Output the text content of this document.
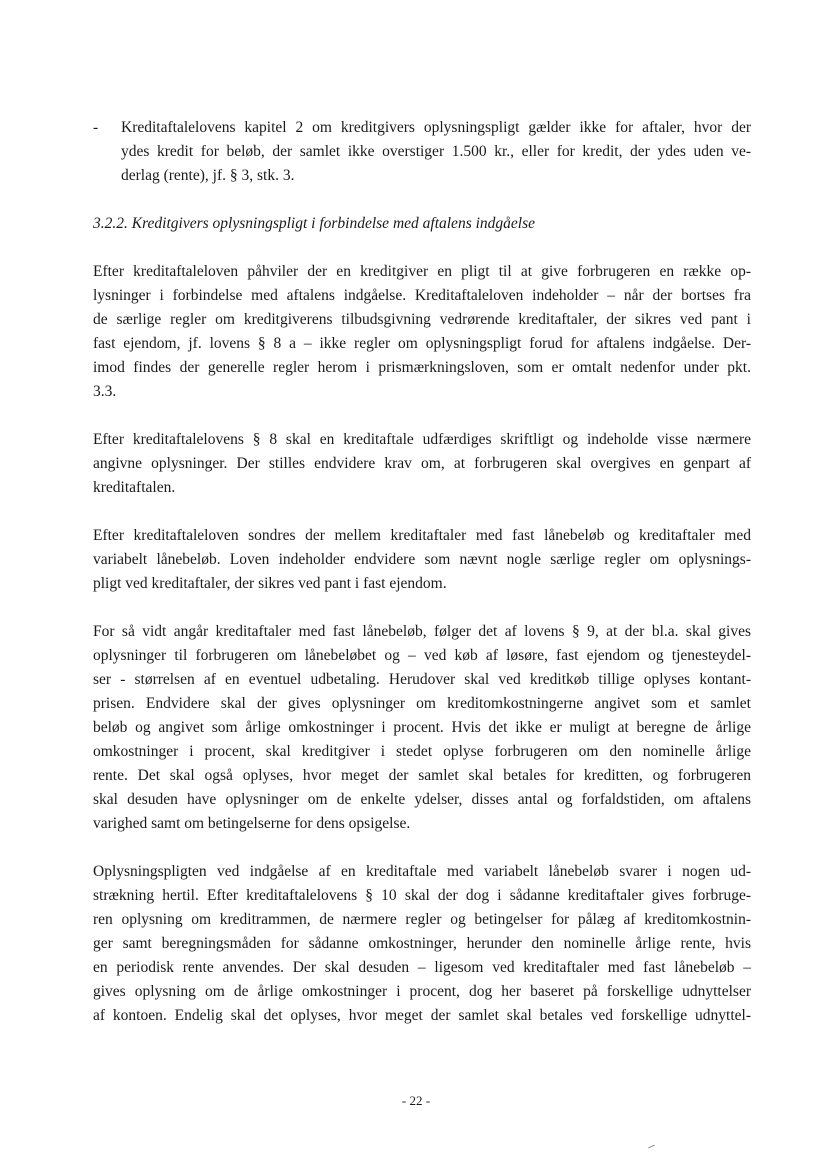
- Kreditaftalelovens kapitel 2 om kreditgivers oplysningspligt gælder ikke for aftaler, hvor der
ydes kredit for beløb, der samlet ikke overstiger 1.500 kr., eller for kredit, der ydes uden ve-
derlag (rente), jf. § 3, stk. 3.
3.2.2. Kreditgivers oplysningspligt i forbindelse med aftalens indgåelse
Efter kreditaftaleloven påhviler der en kreditgiver en pligt til at give forbrugeren en række op-
lysninger i forbindelse med aftalens indgåelse. Kreditaftaleloven indeholder – når der bortses fra
de særlige regler om kreditgiverens tilbudsgivning vedrørende kreditaftaler, der sikres ved pant i
fast ejendom, jf. lovens § 8 a – ikke regler om oplysningspligt forud for aftalens indgåelse. Der-
imod findes der generelle regler herom i prismærkningsloven, som er omtalt nedenfor under pkt.
3.3.
Efter kreditaftalelovens § 8 skal en kreditaftale udfærdiges skriftligt og indeholde visse nærmere
angivne oplysninger. Der stilles endvidere krav om, at forbrugeren skal overgives en genpart af
kreditaftalen.
Efter kreditaftaleloven sondres der mellem kreditaftaler med fast lånebeløb og kreditaftaler med
variabelt lånebeløb. Loven indeholder endvidere som nævnt nogle særlige regler om oplysnings-
pligt ved kreditaftaler, der sikres ved pant i fast ejendom.
For så vidt angår kreditaftaler med fast lånebeløb, følger det af lovens § 9, at der bl.a. skal gives
oplysninger til forbrugeren om lånebeløbet og – ved køb af løsøre, fast ejendom og tjenesteydel-
ser - størrelsen af en eventuel udbetaling. Herudover skal ved kreditkøb tillige oplyses kontant-
prisen. Endvidere skal der gives oplysninger om kreditomkostningerne angivet som et samlet
beløb og angivet som årlige omkostninger i procent. Hvis det ikke er muligt at beregne de årlige
omkostninger i procent, skal kreditgiver i stedet oplyse forbrugeren om den nominelle årlige
rente. Det skal også oplyses, hvor meget der samlet skal betales for kreditten, og forbrugeren
skal desuden have oplysninger om de enkelte ydelser, disses antal og forfaldstiden, om aftalens
varighed samt om betingelserne for dens opsigelse.
Oplysningspligten ved indgåelse af en kreditaftale med variabelt lånebeløb svarer i nogen ud-
strækning hertil. Efter kreditaftalelovens § 10 skal der dog i sådanne kreditaftaler gives forbruge-
ren oplysning om kreditrammen, de nærmere regler og betingelser for pålæg af kreditomkostnin-
ger samt beregningsmåden for sådanne omkostninger, herunder den nominelle årlige rente, hvis
en periodisk rente anvendes. Der skal desuden – ligesom ved kreditaftaler med fast lånebeløb –
gives oplysning om de årlige omkostninger i procent, dog her baseret på forskellige udnyttelser
af kontoen. Endelig skal det oplyses, hvor meget der samlet skal betales ved forskellige udnyttel-
- 22 -
